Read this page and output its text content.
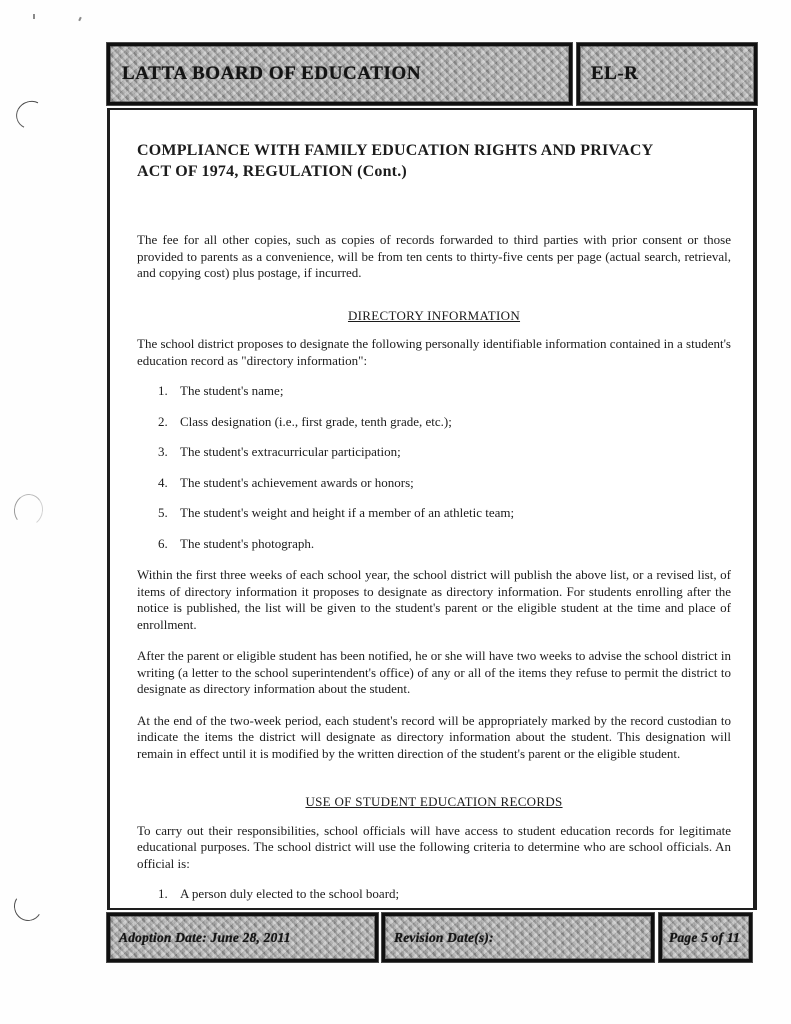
LATTA BOARD OF EDUCATION	EL-R
COMPLIANCE WITH FAMILY EDUCATION RIGHTS AND PRIVACY
ACT OF 1974, REGULATION (Cont.)

The fee for all other copies, such as copies of records forwarded to third parties with prior consent or those provided to parents as a convenience, will be from ten cents to thirty-five cents per page (actual search, retrieval, and copying cost) plus postage, if incurred.

DIRECTORY INFORMATION

The school district proposes to designate the following personally identifiable information contained in a student's education record as "directory information":

1. The student's name;
2. Class designation (i.e., first grade, tenth grade, etc.);
3. The student's extracurricular participation;
4. The student's achievement awards or honors;
5. The student's weight and height if a member of an athletic team;
6. The student's photograph.

Within the first three weeks of each school year, the school district will publish the above list, or a revised list, of items of directory information it proposes to designate as directory information. For students enrolling after the notice is published, the list will be given to the student's parent or the eligible student at the time and place of enrollment.

After the parent or eligible student has been notified, he or she will have two weeks to advise the school district in writing (a letter to the school superintendent's office) of any or all of the items they refuse to permit the district to designate as directory information about the student.

At the end of the two-week period, each student's record will be appropriately marked by the record custodian to indicate the items the district will designate as directory information about the student. This designation will remain in effect until it is modified by the written direction of the student's parent or the eligible student.

USE OF STUDENT EDUCATION RECORDS

To carry out their responsibilities, school officials will have access to student education records for legitimate educational purposes. The school district will use the following criteria to determine who are school officials. An official is:

1. A person duly elected to the school board;
Adoption Date: June 28, 2011	Revision Date(s):	Page 5 of 11
